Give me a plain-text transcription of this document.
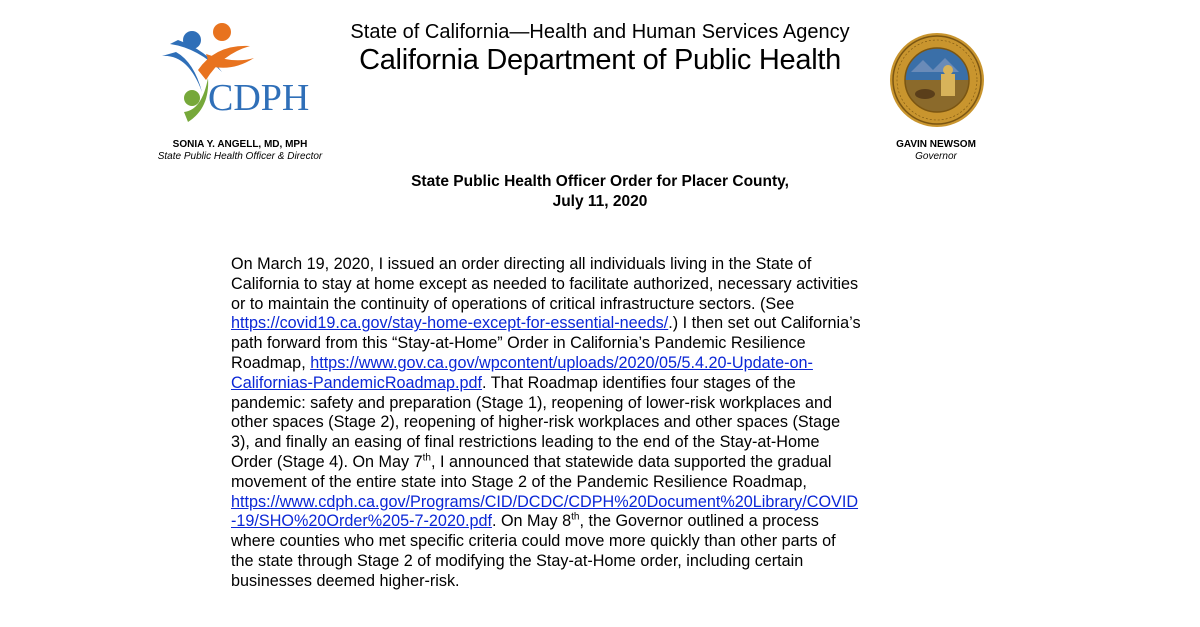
CDPH
SONIA Y. ANGELL, MD, MPH
State Public Health Officer & Director
State of California—Health and Human Services Agency
California Department of Public Health
GAVIN NEWSOM
Governor
State Public Health Officer Order for Placer County,
July 11, 2020
On March 19, 2020, I issued an order directing all individuals living in the State of
California to stay at home except as needed to facilitate authorized, necessary activities
or to maintain the continuity of operations of critical infrastructure sectors. (See
https://covid19.ca.gov/stay-home-except-for-essential-needs/.) I then set out California’s
path forward from this “Stay-at-Home” Order in California’s Pandemic Resilience
Roadmap, https://www.gov.ca.gov/wpcontent/uploads/2020/05/5.4.20-Update-on-
Californias-PandemicRoadmap.pdf. That Roadmap identifies four stages of the
pandemic: safety and preparation (Stage 1), reopening of lower-risk workplaces and
other spaces (Stage 2), reopening of higher-risk workplaces and other spaces (Stage
3), and finally an easing of final restrictions leading to the end of the Stay-at-Home
Order (Stage 4). On May 7th, I announced that statewide data supported the gradual
movement of the entire state into Stage 2 of the Pandemic Resilience Roadmap,
https://www.cdph.ca.gov/Programs/CID/DCDC/CDPH%20Document%20Library/COVID
-19/SHO%20Order%205-7-2020.pdf. On May 8th, the Governor outlined a process
where counties who met specific criteria could move more quickly than other parts of
the state through Stage 2 of modifying the Stay-at-Home order, including certain
businesses deemed higher-risk.
